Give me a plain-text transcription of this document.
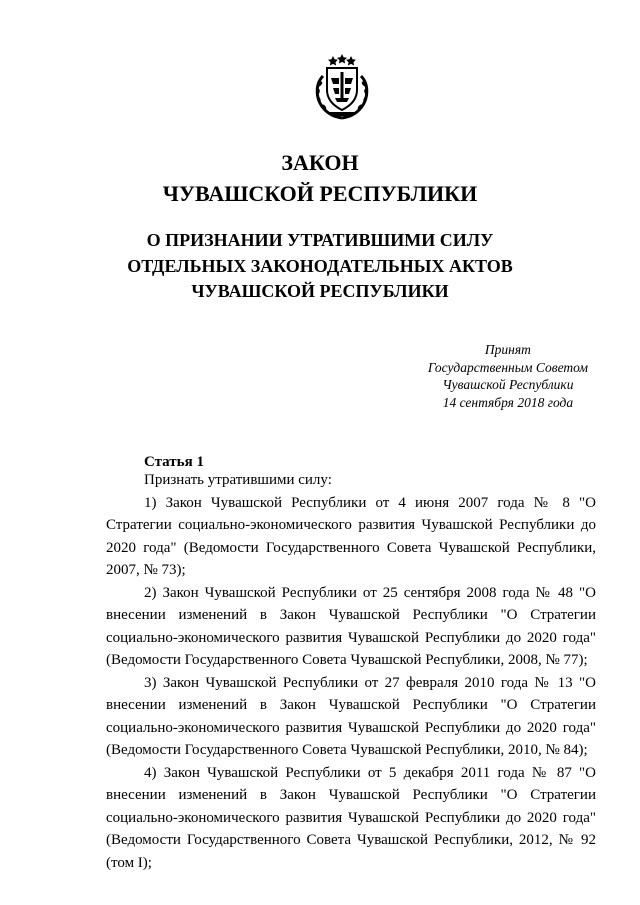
ЗАКОН
ЧУВАШСКОЙ РЕСПУБЛИКИ
О ПРИЗНАНИИ УТРАТИВШИМИ СИЛУ
ОТДЕЛЬНЫХ ЗАКОНОДАТЕЛЬНЫХ АКТОВ
ЧУВАШСКОЙ РЕСПУБЛИКИ
Принят
Государственным Советом
Чувашской Республики
14 сентября 2018 года
Статья 1

Признать утратившими силу:

1) Закон Чувашской Республики от 4 июня 2007 года № 8 "О Стратегии социально-экономического развития Чувашской Республики до 2020 года" (Ведомости Государственного Совета Чувашской Республики, 2007, № 73);

2) Закон Чувашской Республики от 25 сентября 2008 года № 48 "О внесении изменений в Закон Чувашской Республики "О Стратегии социально-экономического развития Чувашской Республики до 2020 года" (Ведомости Государственного Совета Чувашской Республики, 2008, № 77);

3) Закон Чувашской Республики от 27 февраля 2010 года № 13 "О внесении изменений в Закон Чувашской Республики "О Стратегии социально-экономического развития Чувашской Республики до 2020 года" (Ведомости Государственного Совета Чувашской Республики, 2010, № 84);

4) Закон Чувашской Республики от 5 декабря 2011 года № 87 "О внесении изменений в Закон Чувашской Республики "О Стратегии социально-экономического развития Чувашской Республики до 2020 года" (Ведомости Государственного Совета Чувашской Республики, 2012, № 92 (том I);
